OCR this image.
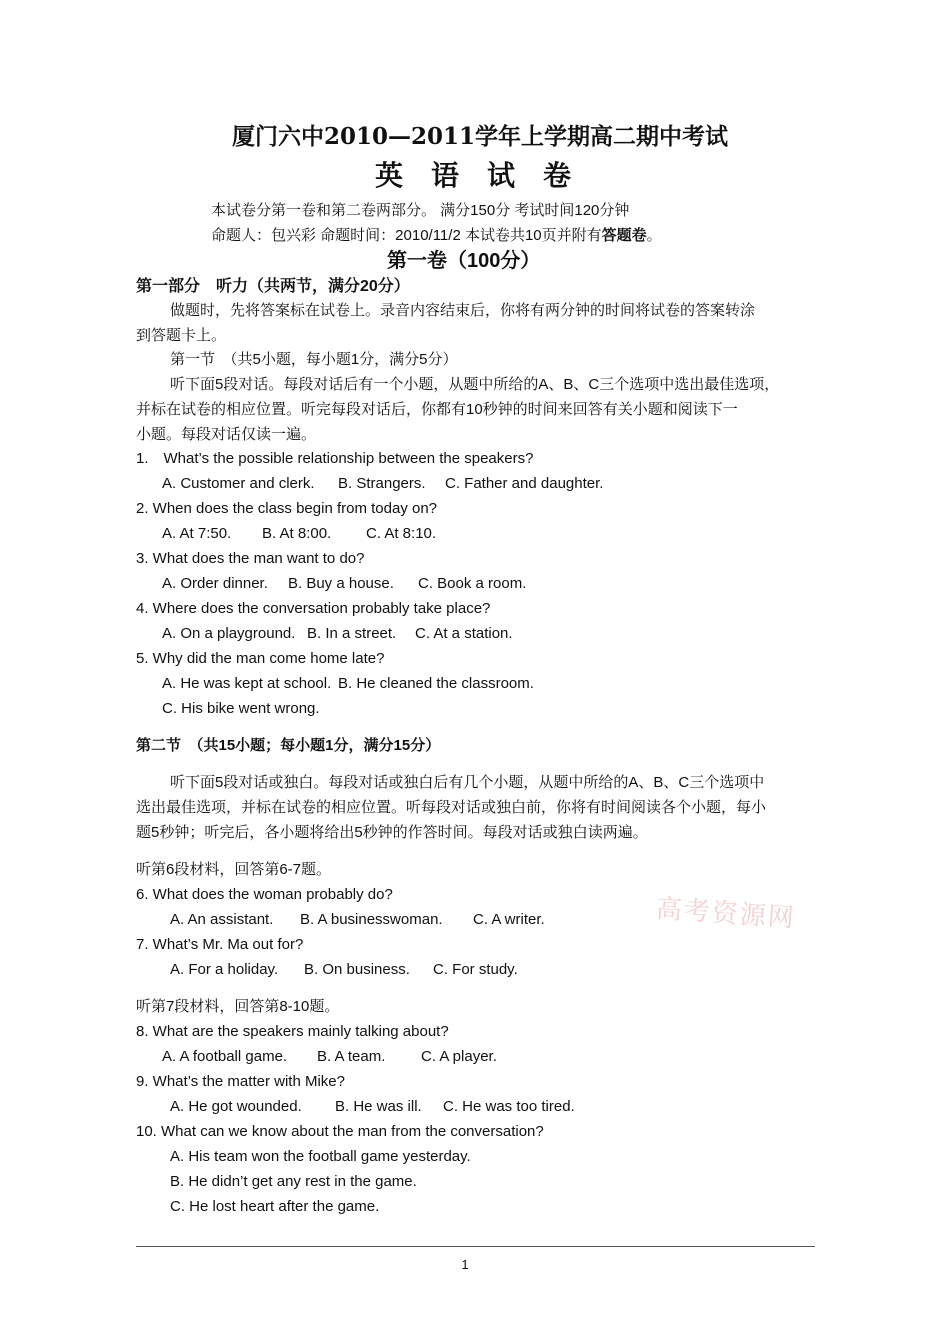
厦门六中2010—2011学年上学期高二期中考试
英　语　试　卷
本试卷分第一卷和第二卷两部分。 满分150分 考试时间120分钟
命题人：包兴彩 命题时间：2010/11/2 本试卷共10页并附有答题卷。
第一卷（100分）
第一部分　听力（共两节，满分20分）
做题时，先将答案标在试卷上。录音内容结束后，你将有两分钟的时间将试卷的答案转涂
到答题卡上。
第一节　（共5小题，每小题1分，满分5分）
听下面5段对话。每段对话后有一个小题，从题中所给的A、B、C三个选项中选出最佳选项，
并标在试卷的相应位置。听完每段对话后，你都有10秒钟的时间来回答有关小题和阅读下一
小题。每段对话仅读一遍。
1.　What’s the possible relationship between the speakers?
A. Customer and clerk. B. Strangers. C. Father and daughter.
2. When does the class begin from today on?
A. At 7:50. B. At 8:00. C. At 8:10.
3. What does the man want to do?
A. Order dinner. B. Buy a house. C. Book a room.
4. Where does the conversation probably take place?
A. On a playground. B. In a street. C. At a station.
5. Why did the man come home late?
A. He was kept at school. B. He cleaned the classroom.
C. His bike went wrong.
第二节　（共15小题；每小题1分，满分15分）
听下面5段对话或独白。每段对话或独白后有几个小题，从题中所给的A、B、C三个选项中
选出最佳选项，并标在试卷的相应位置。听每段对话或独白前，你将有时间阅读各个小题，每小
题5秒钟；听完后，各小题将给出5秒钟的作答时间。每段对话或独白读两遍。
听第6段材料，回答第6-7题。
6. What does the woman probably do?
A. An assistant. B. A businesswoman. C. A writer.
7. What’s Mr. Ma out for?
A. For a holiday. B. On business. C. For study.
听第7段材料，回答第8-10题。
8. What are the speakers mainly talking about?
A. A football game. B. A team. C. A player.
9. What’s the matter with Mike?
A. He got wounded. B. He was ill. C. He was too tired.
10. What can we know about the man from the conversation?
A. His team won the football game yesterday.
B. He didn’t get any rest in the game.
C. He lost heart after the game.
高考资源网
1
